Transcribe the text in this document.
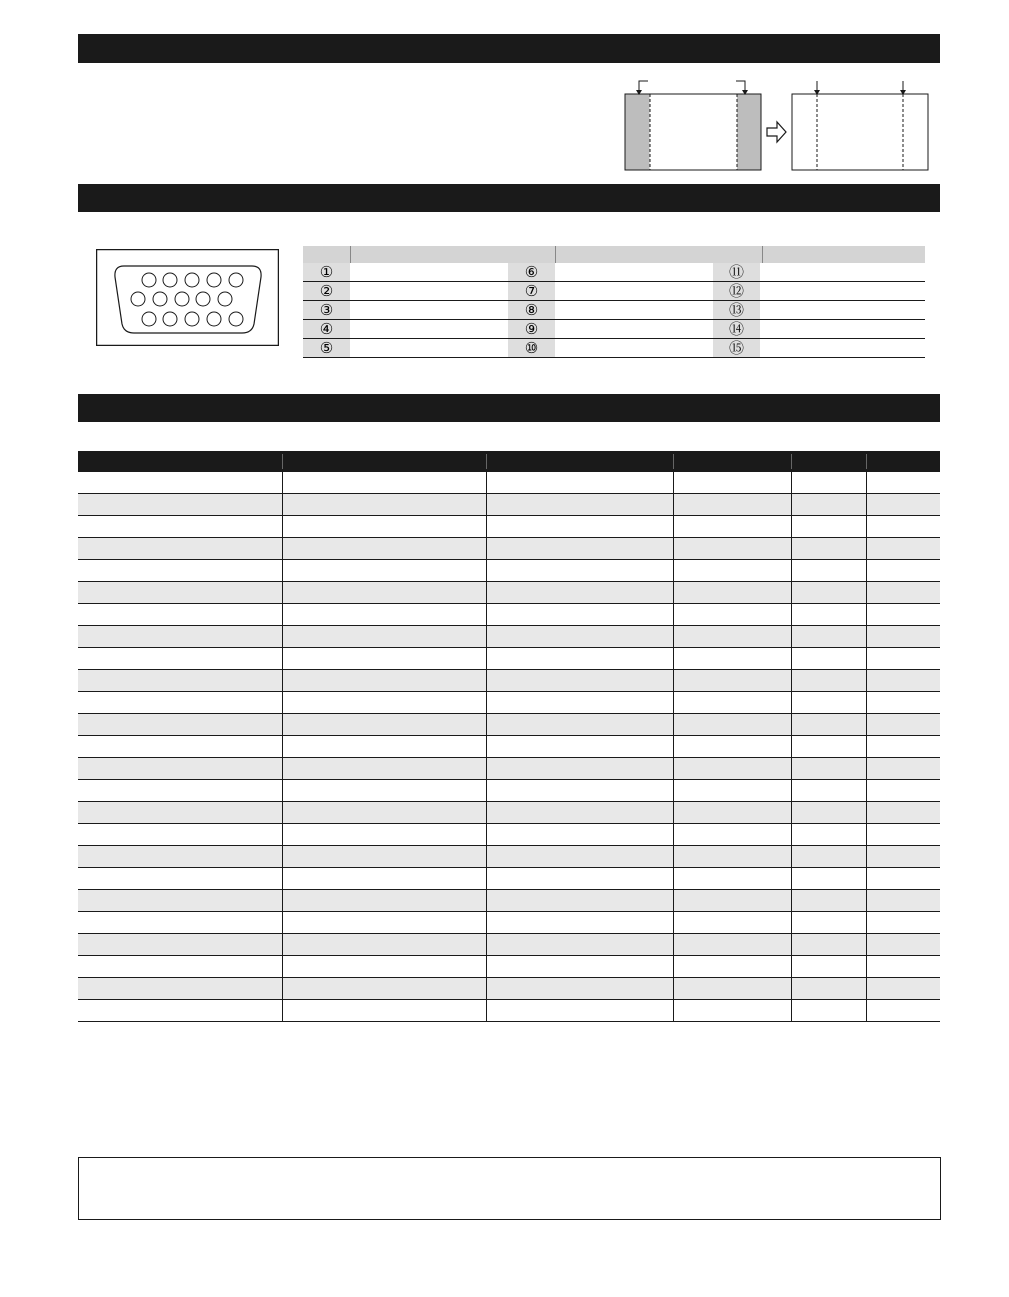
①	⑥	⑪
②	⑦	⑫
③	⑧	⑬
④	⑨	⑭
⑤	⑩	⑮
